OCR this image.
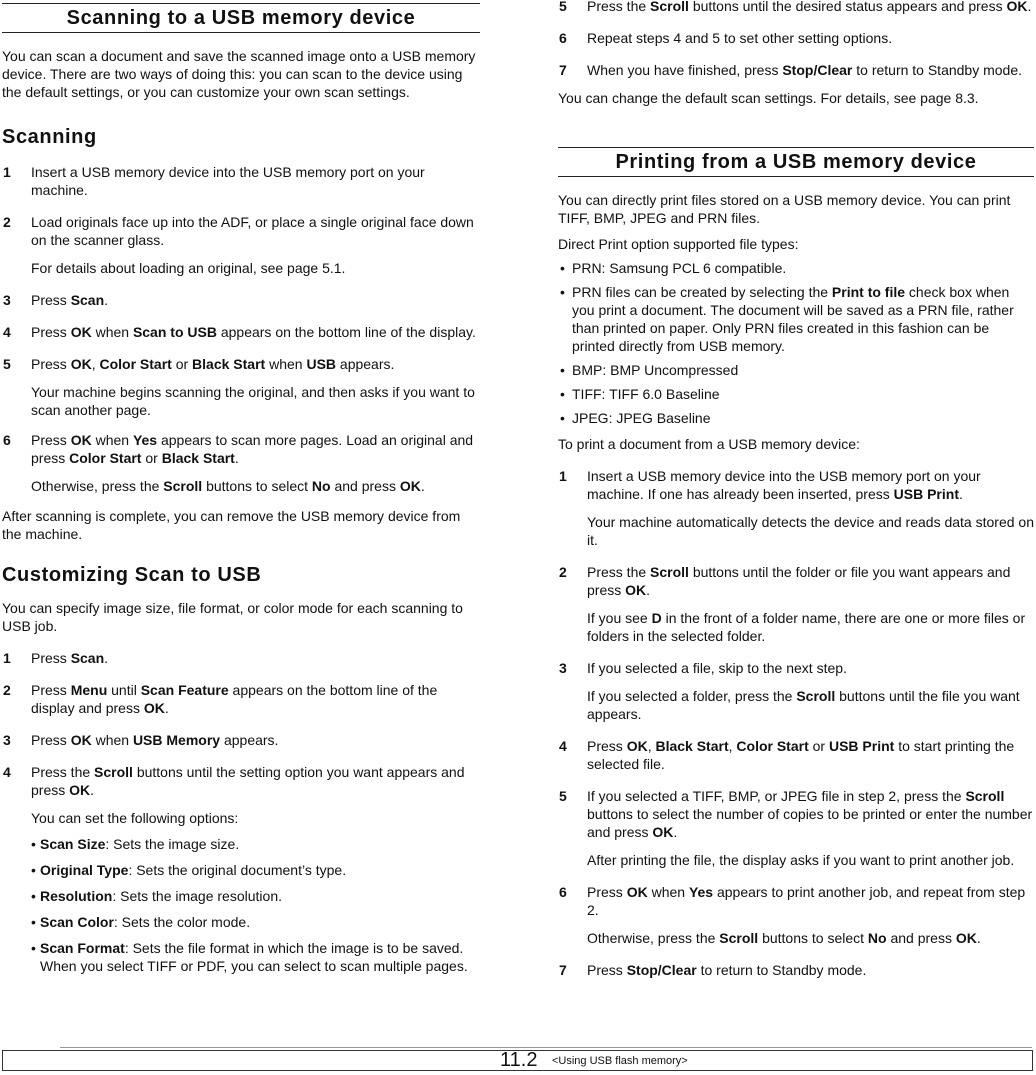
Scanning to a USB memory device

You can scan a document and save the scanned image onto a USB memory device. There are two ways of doing this: you can scan to the device using the default settings, or you can customize your own scan settings.

Scanning

1 Insert a USB memory device into the USB memory port on your machine.

2 Load originals face up into the ADF, or place a single original face down on the scanner glass.

For details about loading an original, see page 5.1.

3 Press Scan.

4 Press OK when Scan to USB appears on the bottom line of the display.

5 Press OK, Color Start or Black Start when USB appears.

Your machine begins scanning the original, and then asks if you want to scan another page.

6 Press OK when Yes appears to scan more pages. Load an original and press Color Start or Black Start.

Otherwise, press the Scroll buttons to select No and press OK.

After scanning is complete, you can remove the USB memory device from the machine.

Customizing Scan to USB

You can specify image size, file format, or color mode for each scanning to USB job.

1 Press Scan.

2 Press Menu until Scan Feature appears on the bottom line of the display and press OK.

3 Press OK when USB Memory appears.

4 Press the Scroll buttons until the setting option you want appears and press OK.

You can set the following options:

• Scan Size: Sets the image size.

• Original Type: Sets the original document’s type.

• Resolution: Sets the image resolution.

• Scan Color: Sets the color mode.

• Scan Format: Sets the file format in which the image is to be saved. When you select TIFF or PDF, you can select to scan multiple pages.

5 Press the Scroll buttons until the desired status appears and press OK.

6 Repeat steps 4 and 5 to set other setting options.

7 When you have finished, press Stop/Clear to return to Standby mode.

You can change the default scan settings. For details, see page 8.3.

Printing from a USB memory device

You can directly print files stored on a USB memory device. You can print TIFF, BMP, JPEG and PRN files.

Direct Print option supported file types:

• PRN: Samsung PCL 6 compatible.

• PRN files can be created by selecting the Print to file check box when you print a document. The document will be saved as a PRN file, rather than printed on paper. Only PRN files created in this fashion can be printed directly from USB memory.

• BMP: BMP Uncompressed

• TIFF: TIFF 6.0 Baseline

• JPEG: JPEG Baseline

To print a document from a USB memory device:

1 Insert a USB memory device into the USB memory port on your machine. If one has already been inserted, press USB Print.

Your machine automatically detects the device and reads data stored on it.

2 Press the Scroll buttons until the folder or file you want appears and press OK.

If you see D in the front of a folder name, there are one or more files or folders in the selected folder.

3 If you selected a file, skip to the next step.

If you selected a folder, press the Scroll buttons until the file you want appears.

4 Press OK, Black Start, Color Start or USB Print to start printing the selected file.

5 If you selected a TIFF, BMP, or JPEG file in step 2, press the Scroll buttons to select the number of copies to be printed or enter the number and press OK.

After printing the file, the display asks if you want to print another job.

6 Press OK when Yes appears to print another job, and repeat from step 2.

Otherwise, press the Scroll buttons to select No and press OK.

7 Press Stop/Clear to return to Standby mode.

11.2 <Using USB flash memory>
